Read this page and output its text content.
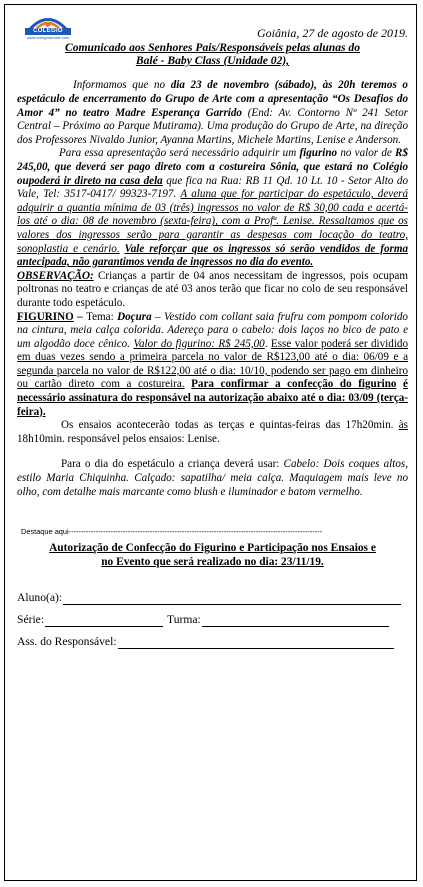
COLÉGIO
www.colegiodovale.com	Goiânia, 27 de agosto de 2019.

Comunicado aos Senhores Pais/Responsáveis pelas alunas do
Balé - Baby Class (Unidade 02),

Informamos que no dia 23 de novembro (sábado), às 20h teremos o espetáculo de encerramento do Grupo de Arte com a apresentação “Os Desafios do Amor 4” no teatro Madre Esperança Garrido (End: Av. Contorno Nº 241 Setor Central – Próximo ao Parque Mutirama). Uma produção do Grupo de Arte, na direção dos Professores Nivaldo Junior, Ayanna Martins, Michele Martins, Lenise e Anderson.

Para essa apresentação será necessário adquirir um figurino no valor de R$ 245,00, que deverá ser pago direto com a costureira Sônia, que estará no Colégio oupoderá ir direto na casa dela que fica na Rua: RB 11 Qd. 10 Lt. 10 - Setor Alto do Vale, Tel: 3517-0417/ 99323-7197. A aluna que for participar do espetáculo, deverá adquirir a quantia mínima de 03 (três) ingressos no valor de R$ 30,00 cada e acertá-los até o dia: 08 de novembro (sexta-feira), com a Profª. Lenise. Ressaltamos que os valores dos ingressos serão para garantir as despesas com locação do teatro, sonoplastia e cenário. Vale reforçar que os ingressos só serão vendidos de forma antecipada, não garantimos venda de ingressos no dia do evento.

OBSERVAÇÃO: Crianças a partir de 04 anos necessitam de ingressos, pois ocupam poltronas no teatro e crianças de até 03 anos terão que ficar no colo de seu responsável durante todo espetáculo.

FIGURINO – Tema: Doçura – Vestido com collant saia frufru com pompom colorido na cintura, meia calça colorida. Adereço para o cabelo: dois laços no bico de pato e um algodão doce cênico. Valor do figurino: R$ 245,00. Esse valor poderá ser dividido em duas vezes sendo a primeira parcela no valor de R$123,00 até o dia: 06/09 e a segunda parcela no valor de R$122,00 até o dia: 10/10, podendo ser pago em dinheiro ou cartão direto com a costureira. Para confirmar a confecção do figurino é necessário assinatura do responsável na autorização abaixo até o dia: 03/09 (terça-feira).

Os ensaios acontecerão todas as terças e quintas-feiras das 17h20min. às 18h10min. responsável pelos ensaios: Lenise.

Para o dia do espetáculo a criança deverá usar: Cabelo: Dois coques altos, estilo Maria Chiquinha. Calçado: sapatilha/ meia calça. Maquiagem mais leve no olho, com detalhe mais marcante como blush e iluminador e batom vermelho.

Destaque aqui-------------------------------------------------------------------------------------------------------
Autorização de Confecção do Figurino e Participação nos Ensaios e
no Evento que será realizado no dia: 23/11/19.
Aluno(a):
Série:	Turma:
Ass. do Responsável:
